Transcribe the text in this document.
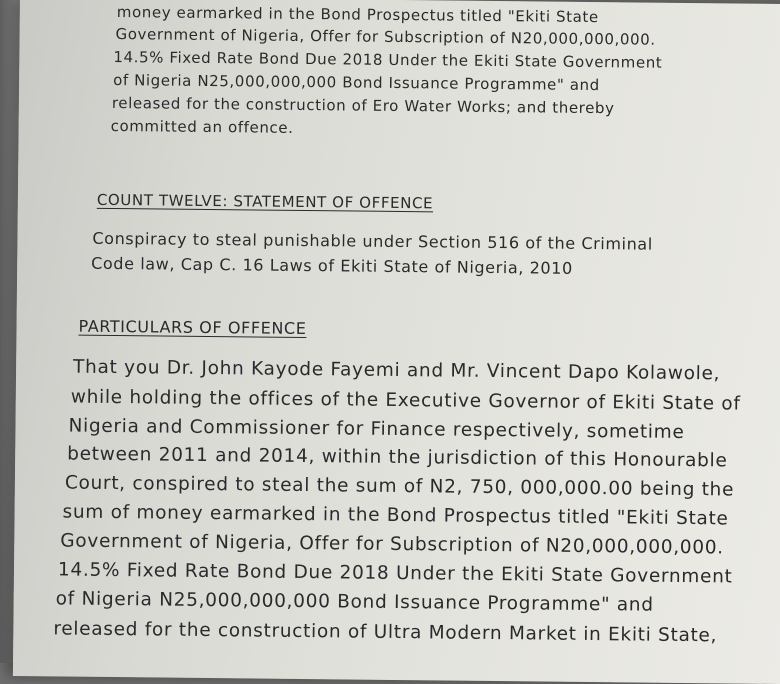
money earmarked in the Bond Prospectus titled "Ekiti State
Government of Nigeria, Offer for Subscription of N20,000,000,000.
14.5% Fixed Rate Bond Due 2018 Under the Ekiti State Government
of Nigeria N25,000,000,000 Bond Issuance Programme" and
released for the construction of Ero Water Works; and thereby
committed an offence.
COUNT TWELVE: STATEMENT OF OFFENCE
Conspiracy to steal punishable under Section 516 of the Criminal
Code law, Cap C. 16 Laws of Ekiti State of Nigeria, 2010
PARTICULARS OF OFFENCE
That you Dr. John Kayode Fayemi and Mr. Vincent Dapo Kolawole,
while holding the offices of the Executive Governor of Ekiti State of
Nigeria and Commissioner for Finance respectively, sometime
between 2011 and 2014, within the jurisdiction of this Honourable
Court, conspired to steal the sum of N2, 750, 000,000.00 being the
sum of money earmarked in the Bond Prospectus titled "Ekiti State
Government of Nigeria, Offer for Subscription of N20,000,000,000.
14.5% Fixed Rate Bond Due 2018 Under the Ekiti State Government
of Nigeria N25,000,000,000 Bond Issuance Programme" and
released for the construction of Ultra Modern Market in Ekiti State,
